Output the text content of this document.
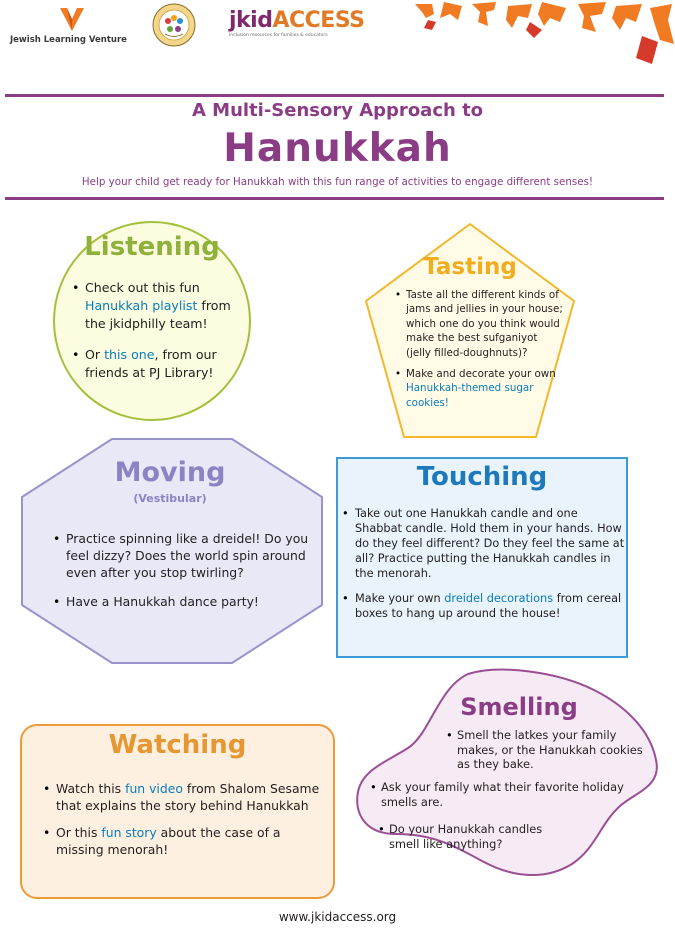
Jewish Learning Venture
jkidACCESS
inclusion resources for families & educators
A Multi-Sensory Approach to
Hanukkah
Help your child get ready for Hanukkah with this fun range of activities to engage different senses!
Listening
• Check out this fun Hanukkah playlist from the jkidphilly team!
• Or this one, from our friends at PJ Library!
Tasting
• Taste all the different kinds of jams and jellies in your house; which one do you think would make the best sufganiyot (jelly filled-doughnuts)?
• Make and decorate your own Hanukkah-themed sugar cookies!
Moving
(Vestibular)
• Practice spinning like a dreidel! Do you feel dizzy? Does the world spin around even after you stop twirling?
• Have a Hanukkah dance party!
Touching
• Take out one Hanukkah candle and one Shabbat candle. Hold them in your hands. How do they feel different? Do they feel the same at all? Practice putting the Hanukkah candles in the menorah.
• Make your own dreidel decorations from cereal boxes to hang up around the house!
Smelling
• Smell the latkes your family makes, or the Hanukkah cookies as they bake.
• Ask your family what their favorite holiday smells are.
• Do your Hanukkah candles smell like anything?
Watching
• Watch this fun video from Shalom Sesame that explains the story behind Hanukkah
• Or this fun story about the case of a missing menorah!
www.jkidaccess.org
